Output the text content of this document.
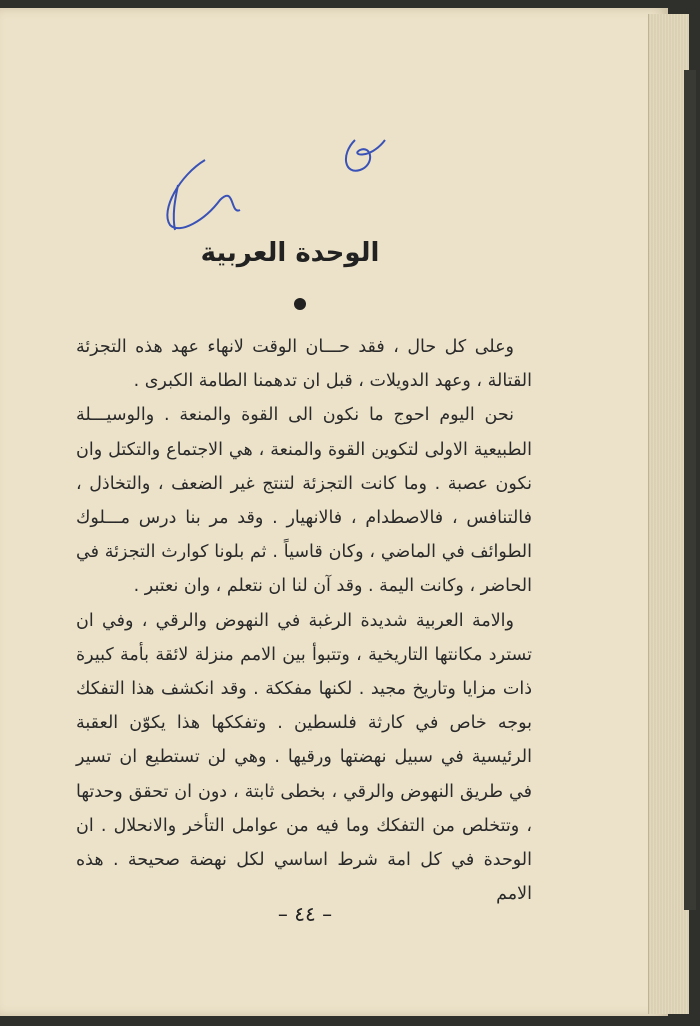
الوحدة العربية

وعلى كل حال ، فقد حـــان الوقت لانهاء عهد هذه التجزئة القتالة ، وعهد الدويلات ، قبل ان تدهمنا الطامة الكبرى .

نحن اليوم احوج ما نكون الى القوة والمنعة . والوسيـــلة الطبيعية الاولى لتكوين القوة والمنعة ، هي الاجتماع والتكتل وان نكون عصبة . وما كانت التجزئة لتنتج غير الضعف ، والتخاذل ، فالتنافس ، فالاصطدام ، فالانهيار . وقد مر بنا درس مـــلوك الطوائف في الماضي ، وكان قاسياً . ثم بلونا كوارث التجزئة في الحاضر ، وكانت اليمة . وقد آن لنا ان نتعلم ، وان نعتبر .

والامة العربية شديدة الرغبة في النهوض والرقي ، وفي ان تسترد مكانتها التاريخية ، وتتبوأ بين الامم منزلة لائقة بأمة كبيرة ذات مزايا وتاريخ مجيد . لكنها مفككة . وقد انكشف هذا التفكك بوجه خاص في كارثة فلسطين . وتفككها هذا يكوّن العقبة الرئيسية في سبيل نهضتها ورقيها . وهي لن تستطيع ان تسير في طريق النهوض والرقي ، بخطى ثابتة ، دون ان تحقق وحدتها ، وتتخلص من التفكك وما فيه من عوامل التأخر والانحلال . ان الوحدة في كل امة شرط اساسي لكل نهضة صحيحة . هذه الامم

– ٤٤ –
